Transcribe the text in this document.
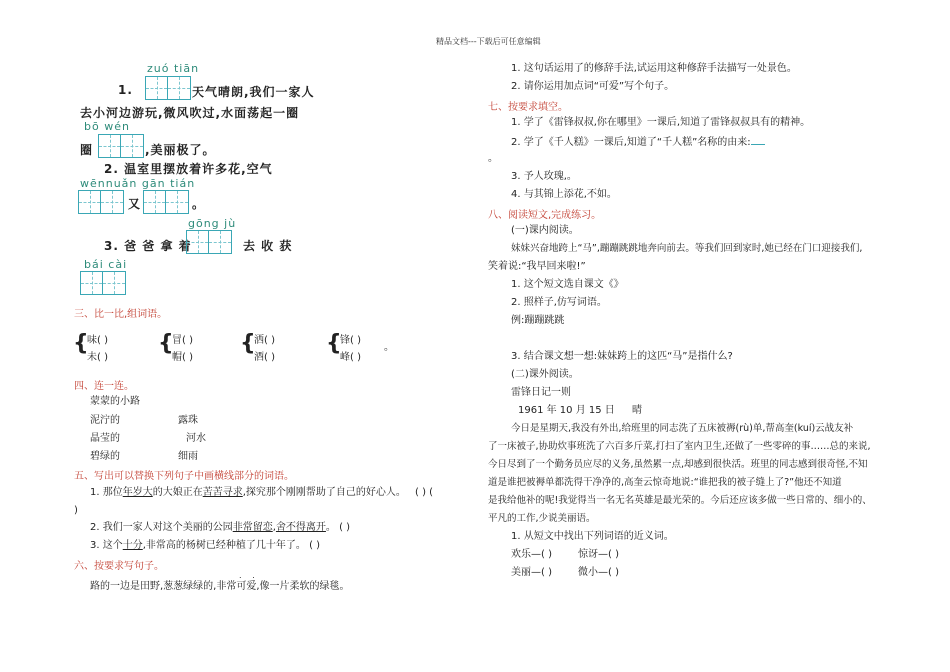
精品文档---下载后可任意编辑
zuó tiān
1.	天气晴朗,我们一家人
去小河边游玩,微风吹过,水面荡起一圈
bō wén
圈	,美丽极了。
2. 温室里摆放着许多花,空气
wēnnuǎn gān tián
又	。
gōng jù
3. 爸 爸 拿 着	去 收 获
bái cài
三、比一比,组词语。
{
味( )
未( )
{
冒( )
帽( )
{
洒( )
酒( )
{
锋( )
峰( )
。
四、连一连。
蒙蒙的小路
泥泞的
晶莹的
碧绿的
露珠
河水
细雨
五、写出可以替换下列句子中画横线部分的词语。
1. 那位年岁大的大娘正在苦苦寻求,探究那个刚刚帮助了自己的好心人。 ( ) (
)
2. 我们一家人对这个美丽的公园非常留恋,舍不得离开。 ( )
3. 这个十分,非常高的杨树已经种植了几十年了。 ( )
六、按要求写句子。
. .
路的一边是田野,葱葱绿绿的,非常可爱,像一片柔软的绿毯。
1. 这句话运用了的修辞手法,试运用这种修辞手法描写一处景色。
2. 请你运用加点词“可爱”写个句子。
七、按要求填空。
1. 学了《雷锋叔叔,你在哪里》一课后,知道了雷锋叔叔具有的精神。
2. 学了《千人糕》一课后,知道了“千人糕”名称的由来:
。
3. 予人玫瑰,。
4. 与其锦上添花,不如。
八、阅读短文,完成练习。
(一)课内阅读。
妹妹兴奋地跨上“马”,蹦蹦跳跳地奔向前去。等我们回到家时,她已经在门口迎接我们,
笑着说:“我早回来啦!”
1. 这个短文选自课文《》
2. 照样子,仿写词语。
例:蹦蹦跳跳
3. 结合课文想一想:妹妹跨上的这匹“马”是指什么?
(二)课外阅读。
雷锋日记一则
1961 年 10 月 15 日 晴
今日是星期天,我没有外出,给班里的同志洗了五床被褥(rù)单,帮高奎(kuí)云战友补
了一床被子,协助炊事班洗了六百多斤菜,打扫了室内卫生,还做了一些零碎的事……总的来说,
今日尽到了一个勤务员应尽的义务,虽然累一点,却感到很快活。班里的同志感到很奇怪,不知
道是谁把被褥单都洗得干净净的,高奎云惊奇地说:“谁把我的被子缝上了?”他还不知道
是我给他补的呢!我觉得当一名无名英雄是最光荣的。今后还应该多做一些日常的、细小的、
平凡的工作,少说美丽语。
1. 从短文中找出下列词语的近义词。
欢乐—( )	惊讶—( )
美丽—( )	微小—( )
